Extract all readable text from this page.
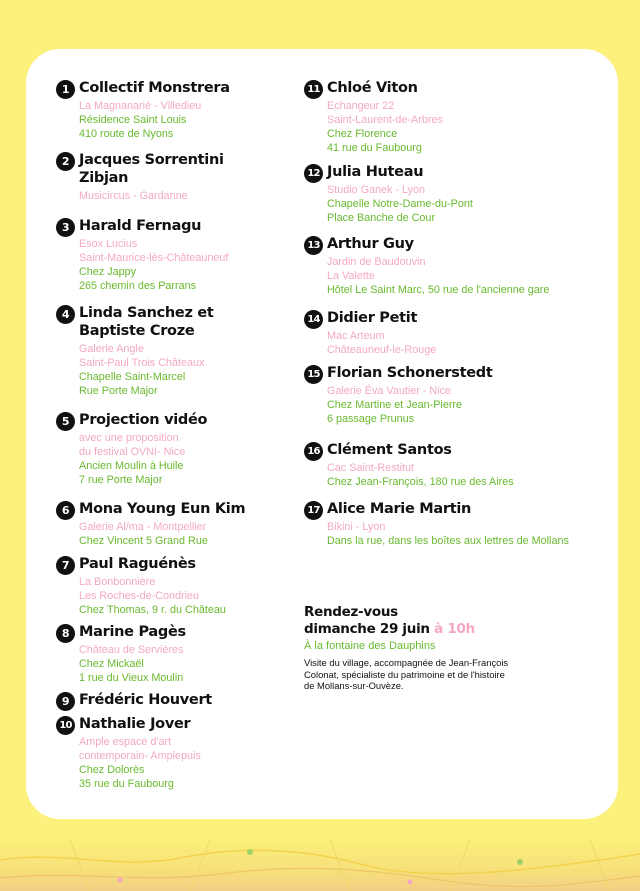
1 Collectif Monstrera
La Magnanarié - Villedieu
Résidence Saint Louis
410 route de Nyons
2 Jacques Sorrentini Zibjan
Musicircus - Gardanne
3 Harald Fernagu
Esox Lucius
Saint-Maurice-lès-Châteauneuf
Chez Jappy
265 chemin des Parrans
4 Linda Sanchez et Baptiste Croze
Galerie Angle
Saint-Paul Trois Châteaux
Chapelle Saint-Marcel
Rue Porte Major
5 Projection vidéo
avec une proposition
du festival OVNI- Nice
Ancien Moulin à Huile
7 rue Porte Major
6 Mona Young Eun Kim
Galerie Al/ma - Montpellier
Chez Vincent 5 Grand Rue
7 Paul Raguénès
La Bonbonnière
Les Roches-de-Condrieu
Chez Thomas, 9 r. du Château
8 Marine Pagès
Château de Servières
Chez Mickaël
1 rue du Vieux Moulin
9 Frédéric Houvert
10 Nathalie Jover
Ample espace d'art
contemporain- Amplepuis
Chez Dolorès
35 rue du Faubourg
Rendez-vous
dimanche 29 juin à 10h
À la fontaine des Dauphins
Visite du village, accompagnée de Jean-François
Colonat, spécialiste du patrimoine et de l'histoire
de Mollans-sur-Ouvèze.
11 Chloé Viton
Echangeur 22
Saint-Laurent-de-Arbres
Chez Florence
41 rue du Faubourg
12 Julia Huteau
Studio Ganek - Lyon
Chapelle Notre-Dame-du-Pont
Place Banche de Cour
13 Arthur Guy
Jardin de Baudouvin
La Valette
Hôtel Le Saint Marc, 50 rue de l'ancienne gare
14 Didier Petit
Mac Arteum
Châteauneuf-le-Rouge
15 Florian Schonerstedt
Galerie Éva Vautier - Nice
Chez Martine et Jean-Pierre
6 passage Prunus
16 Clément Santos
Cac Saint-Restitut
Chez Jean-François, 180 rue des Aires
17 Alice Marie Martin
Bikini - Lyon
Dans la rue, dans les boîtes aux lettres de Mollans
